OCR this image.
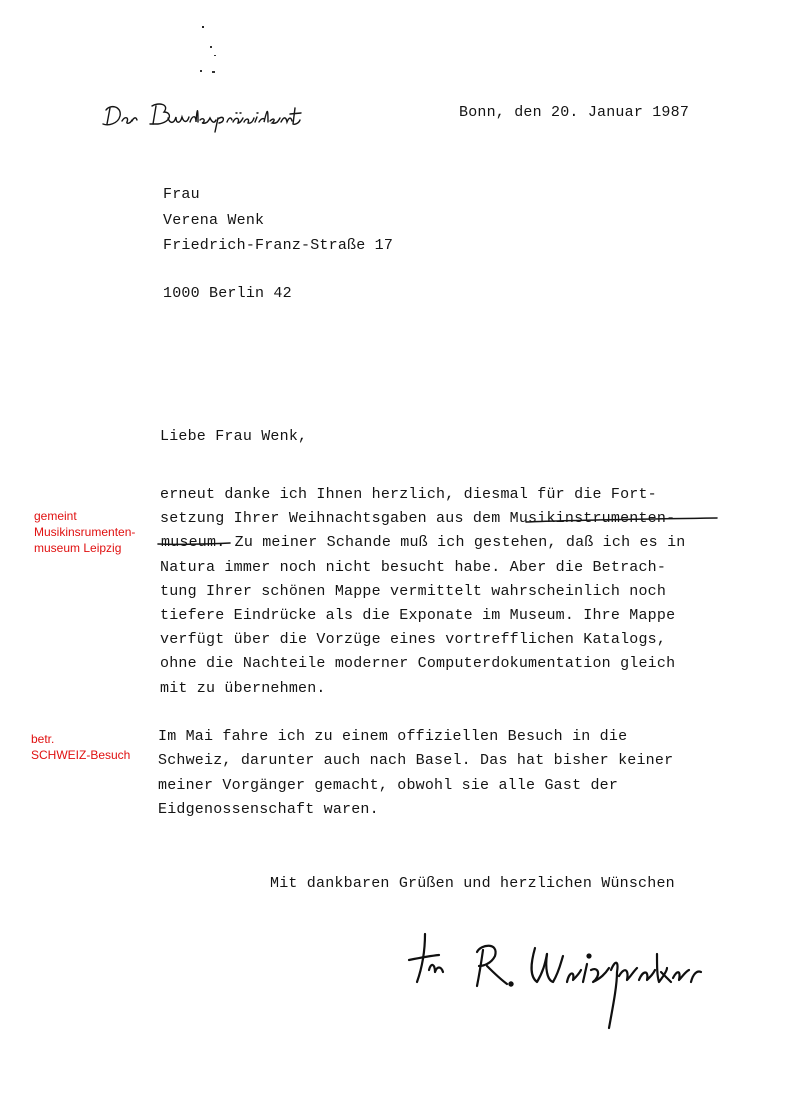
Bonn, den 20. Januar 1987
Frau
Verena Wenk
Friedrich-Franz-Straße 17
1000 Berlin 42
Liebe Frau Wenk,
erneut danke ich Ihnen herzlich, diesmal für die Fort-
setzung Ihrer Weihnachtsgaben aus dem Musikinstrumenten-
museum. Zu meiner Schande muß ich gestehen, daß ich es in
Natura immer noch nicht besucht habe. Aber die Betrach-
tung Ihrer schönen Mappe vermittelt wahrscheinlich noch
tiefere Eindrücke als die Exponate im Museum. Ihre Mappe
verfügt über die Vorzüge eines vortrefflichen Katalogs,
ohne die Nachteile moderner Computerdokumentation gleich
mit zu übernehmen.
Im Mai fahre ich zu einem offiziellen Besuch in die
Schweiz, darunter auch nach Basel. Das hat bisher keiner
meiner Vorgänger gemacht, obwohl sie alle Gast der
Eidgenossenschaft waren.
Mit dankbaren Grüßen und herzlichen Wünschen
gemeint
Musikinsrumenten-
museum Leipzig
betr.
SCHWEIZ-Besuch
